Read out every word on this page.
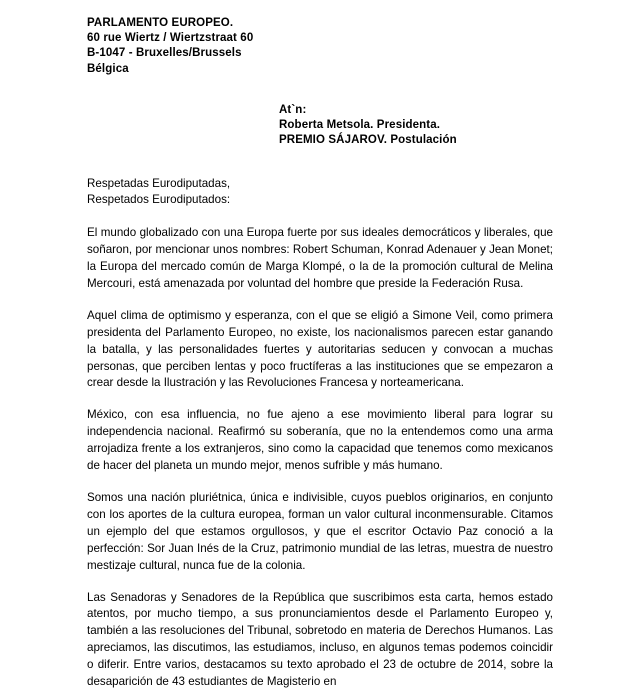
PARLAMENTO EUROPEO.
60 rue Wiertz / Wiertzstraat 60
B-1047 - Bruxelles/Brussels
Bélgica
At`n:
Roberta Metsola. Presidenta.
PREMIO SÁJAROV. Postulación
Respetadas Eurodiputadas,
Respetados Eurodiputados:

El mundo globalizado con una Europa fuerte por sus ideales democráticos y liberales, que soñaron, por mencionar unos nombres: Robert Schuman, Konrad Adenauer y Jean Monet; la Europa del mercado común de Marga Klompé, o la de la promoción cultural de Melina Mercouri, está amenazada por voluntad del hombre que preside la Federación Rusa.

Aquel clima de optimismo y esperanza, con el que se eligió a Simone Veil, como primera presidenta del Parlamento Europeo, no existe, los nacionalismos parecen estar ganando la batalla, y las personalidades fuertes y autoritarias seducen y convocan a muchas personas, que perciben lentas y poco fructíferas a las instituciones que se empezaron a crear desde la Ilustración y las Revoluciones Francesa y norteamericana.

México, con esa influencia, no fue ajeno a ese movimiento liberal para lograr su independencia nacional. Reafirmó su soberanía, que no la entendemos como una arma arrojadiza frente a los extranjeros, sino como la capacidad que tenemos como mexicanos de hacer del planeta un mundo mejor, menos sufrible y más humano.

Somos una nación pluriétnica, única e indivisible, cuyos pueblos originarios, en conjunto con los aportes de la cultura europea, forman un valor cultural inconmensurable. Citamos un ejemplo del que estamos orgullosos, y que el escritor Octavio Paz conoció a la perfección: Sor Juan Inés de la Cruz, patrimonio mundial de las letras, muestra de nuestro mestizaje cultural, nunca fue de la colonia.

Las Senadoras y Senadores de la República que suscribimos esta carta, hemos estado atentos, por mucho tiempo, a sus pronunciamientos desde el Parlamento Europeo y, también a las resoluciones del Tribunal, sobretodo en materia de Derechos Humanos. Las apreciamos, las discutimos, las estudiamos, incluso, en algunos temas podemos coincidir o diferir. Entre varios, destacamos su texto aprobado el 23 de octubre de 2014, sobre la desaparición de 43 estudiantes de Magisterio en
